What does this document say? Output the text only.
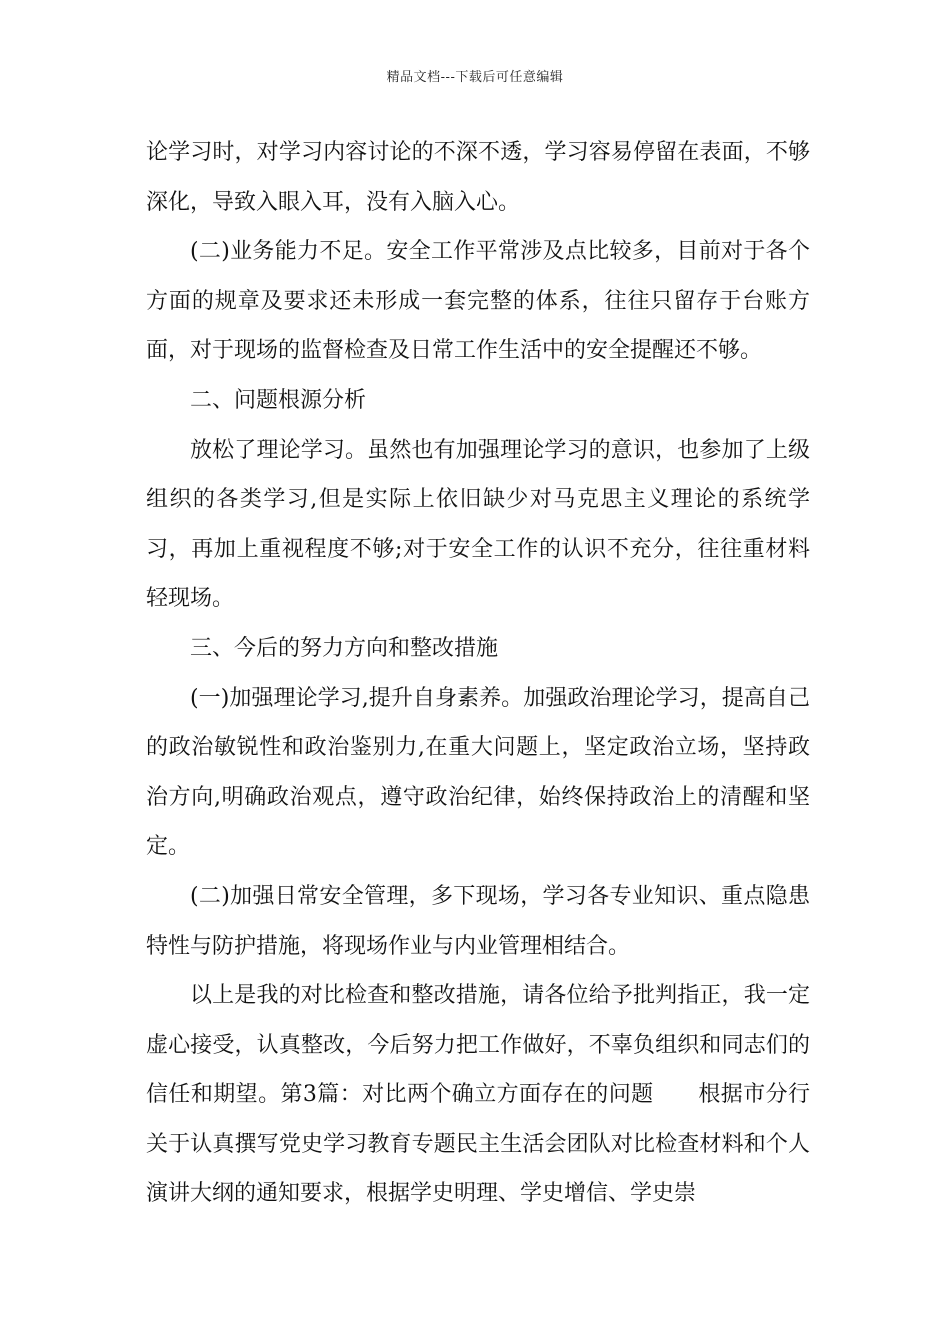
精品文档---下载后可任意编辑

论学习时，对学习内容讨论的不深不透，学习容易停留在表面，不够深化，导致入眼入耳，没有入脑入心。

(二)业务能力不足。安全工作平常涉及点比较多，目前对于各个方面的规章及要求还未形成一套完整的体系，往往只留存于台账方面，对于现场的监督检查及日常工作生活中的安全提醒还不够。

二、问题根源分析

放松了理论学习。虽然也有加强理论学习的意识，也参加了上级组织的各类学习,但是实际上依旧缺少对马克思主义理论的系统学习，再加上重视程度不够;对于安全工作的认识不充分，往往重材料轻现场。

三、今后的努力方向和整改措施

(一)加强理论学习,提升自身素养。加强政治理论学习，提高自己的政治敏锐性和政治鉴别力,在重大问题上，坚定政治立场，坚持政治方向,明确政治观点，遵守政治纪律，始终保持政治上的清醒和坚定。

(二)加强日常安全管理，多下现场，学习各专业知识、重点隐患特性与防护措施，将现场作业与内业管理相结合。

以上是我的对比检查和整改措施，请各位给予批判指正，我一定虚心接受，认真整改，今后努力把工作做好，不辜负组织和同志们的信任和期望。第3篇：对比两个确立方面存在的问题　　根据市分行关于认真撰写党史学习教育专题民主生活会团队对比检查材料和个人演讲大纲的通知要求，根据学史明理、学史增信、学史崇
